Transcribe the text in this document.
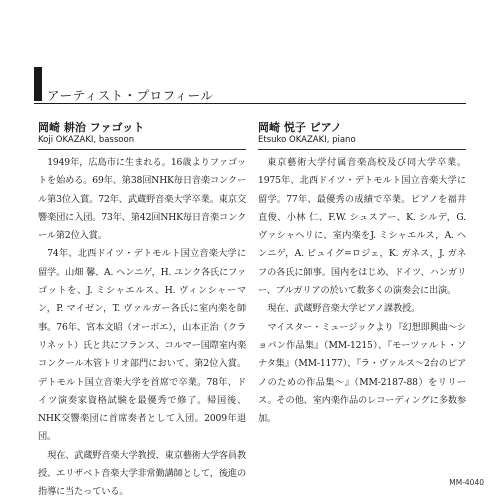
アーティスト・プロフィール
岡崎 耕治 ファゴット
Koji OKAZAKI, bassoon

1949年，広島市に生まれる。16歳よりファゴットを始める。69年、第38回NHK毎日音楽コンクール第3位入賞。72年、武蔵野音楽大学卒業。東京交響楽団に入団。73年、第42回NHK毎日音楽コンクール第2位入賞。

74年、北西ドイツ・デトモルト国立音楽大学に留学。山畑 馨、A. ヘンニゲ，H. ユンク各氏にファゴットを、J. ミシャエルス、H. ヴィンシャーマン，P. マイゼン，T. ヴァルガー各氏に室内楽を師事。76年、宮本文昭（オーボエ），山本正治（クラリネット）氏と共にフランス、コルマー国際室内楽コンクール木管トリオ部門において、第2位入賞。デトモルト国立音楽大学を首席で卒業。78年、ドイツ演奏家資格試験を最優秀で修了。帰国後、NHK交響楽団に首席奏者として入団。2009年退団。

現在、武蔵野音楽大学教授、東京藝術大学客員教授、エリザベト音楽大学非常勤講師として，後進の指導に当たっている。

岡崎 悦子 ピアノ
Etsuko OKAZAKI, piano

東京藝術大学付属音楽高校及び同大学卒業。1975年、北西ドイツ・デトモルト国立音楽大学に留学。77年、最優秀の成績で卒業。ピアノを福井直俊、小林 仁、F.W. シュスアー、K. シルデ，G. ヴァシャヘリに、室内楽をJ. ミシャエルス，A. ヘンニゲ，A. ビュイグ=ロジェ，K. ガネス，J. ガネフの各氏に師事。国内をはじめ、ドイツ、ハンガリー、ブルガリアの於いて数多くの演奏会に出演。

現在、武蔵野音楽大学ピアノ課教授。

マイスター・ミュージックより『幻想即興曲～ショパン作品集』（MM-1215）、『モーツァルト・ソナタ集』（MM-1177）、『ラ・ヴァルス～2台のピアノのための作品集～』（MM-2187-88）をリリース。その他、室内楽作品のレコーディングに多数参加。

MM-4040
